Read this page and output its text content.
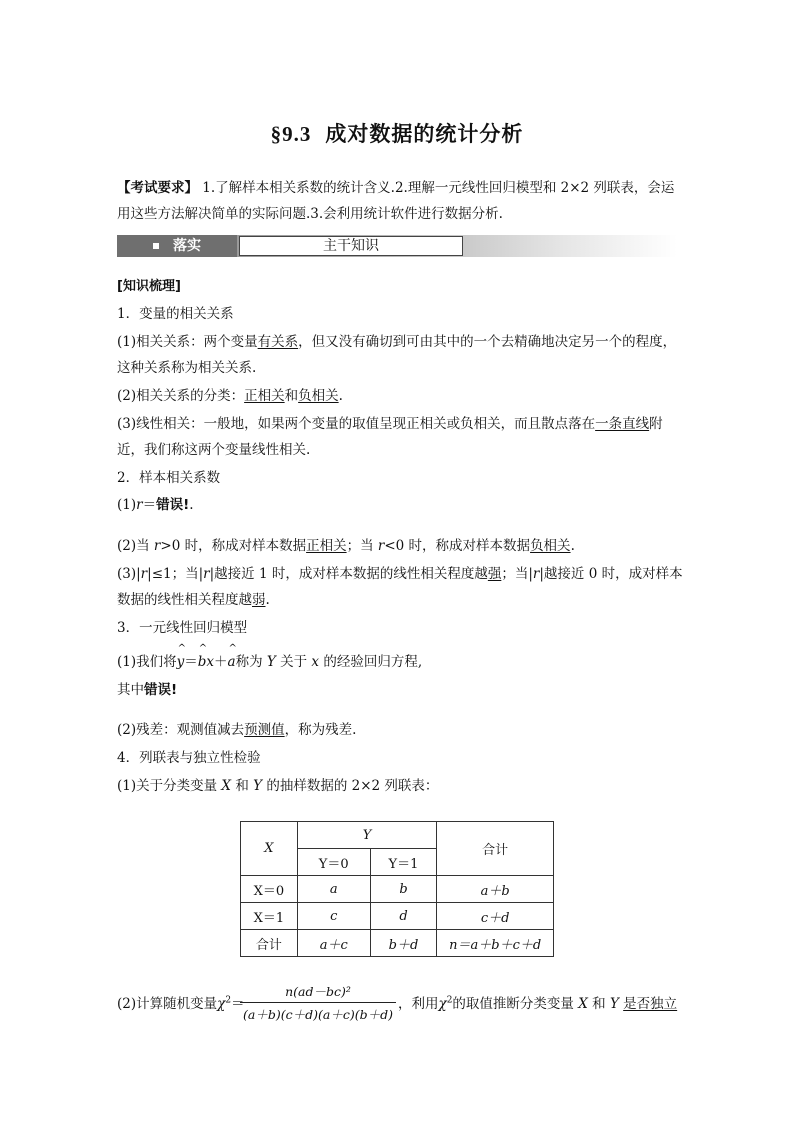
§9.3 成对数据的统计分析
【考试要求】 1.了解样本相关系数的统计含义.2.理解一元线性回归模型和 2×2 列联表，会运
用这些方法解决简单的实际问题.3.会利用统计软件进行数据分析.
落实	主干知识
[知识梳理]
1．变量的相关关系
(1)相关关系：两个变量有关系，但又没有确切到可由其中的一个去精确地决定另一个的程度，
这种关系称为相关关系.
(2)相关关系的分类：正相关和负相关.
(3)线性相关：一般地，如果两个变量的取值呈现正相关或负相关，而且散点落在一条直线附
近，我们称这两个变量线性相关.
2．样本相关系数
(1)r＝错误!.
(2)当 r>0 时，称成对样本数据正相关；当 r<0 时，称成对样本数据负相关.
(3)|r|≤1；当|r|越接近 1 时，成对样本数据的线性相关程度越强；当|r|越接近 0 时，成对样本
数据的线性相关程度越弱.
3．一元线性回归模型
(1)我们将
^
y＝
^
bx＋
^
a称为 Y 关于 x 的经验回归方程,
其中错误!
(2)残差：观测值减去预测值，称为残差.
4．列联表与独立性检验
(1)关于分类变量 X 和 Y 的抽样数据的 2×2 列联表：
X	Y		合计
	Y＝0	Y＝1	
X＝0	a	b	a＋b
X＝1	c	d	c＋d
合计	a＋c	b＋d	n＝a＋b＋c＋d
(2)计算随机变量$\chi^2=$
$\frac{\text{n(ad－bc)²}}{(a+b)(c+d)(a+c)(b+d)}$ ，利用$\chi^2$的取值推断分类变量 X 和 Y 是否独立
